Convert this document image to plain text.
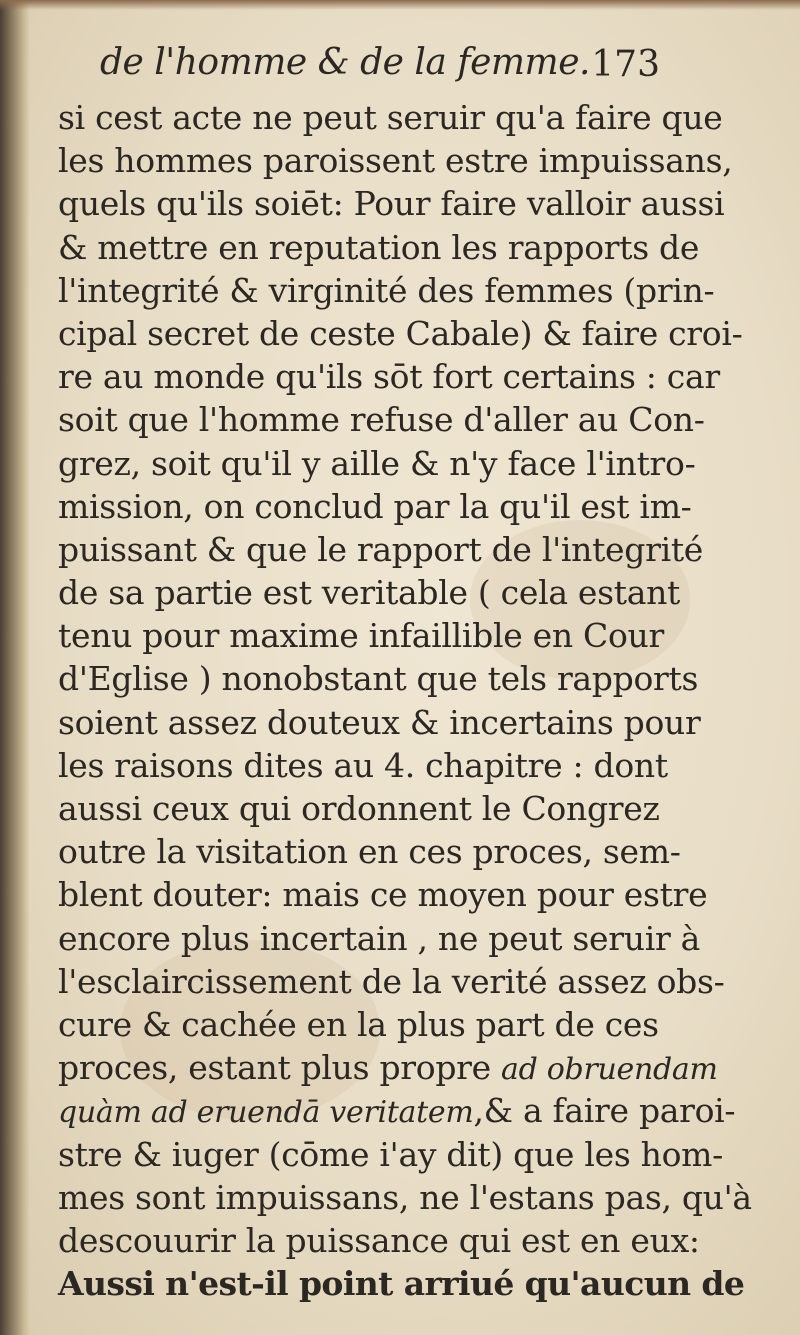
de l'homme & de la femme. 173
si cest acte ne peut seruir qu'a faire que
les hommes paroissent estre impuissans,
quels qu'ils soiēt: Pour faire valloir aussi
& mettre en reputation les rapports de
l'integrité & virginité des femmes (prin-
cipal secret de ceste Cabale) & faire croi-
re au monde qu'ils sōt fort certains : car
soit que l'homme refuse d'aller au Con-
grez, soit qu'il y aille & n'y face l'intro-
mission, on conclud par la qu'il est im-
puissant & que le rapport de l'integrité
de sa partie est veritable ( cela estant
tenu pour maxime infaillible en Cour
d'Eglise ) nonobstant que tels rapports
soient assez douteux & incertains pour
les raisons dites au 4. chapitre : dont
aussi ceux qui ordonnent le Congrez
outre la visitation en ces proces, sem-
blent douter: mais ce moyen pour estre
encore plus incertain , ne peut seruir à
l'esclaircissement de la verité assez obs-
cure & cachée en la plus part de ces
proces, estant plus propre ad obruendam
quàm ad eruendā veritatem,& a faire paroi-
stre & iuger (cōme i'ay dit) que les hom-
mes sont impuissans, ne l'estans pas, qu'à
descouurir la puissance qui est en eux:
Aussi n'est-il point arriué qu'aucun de
